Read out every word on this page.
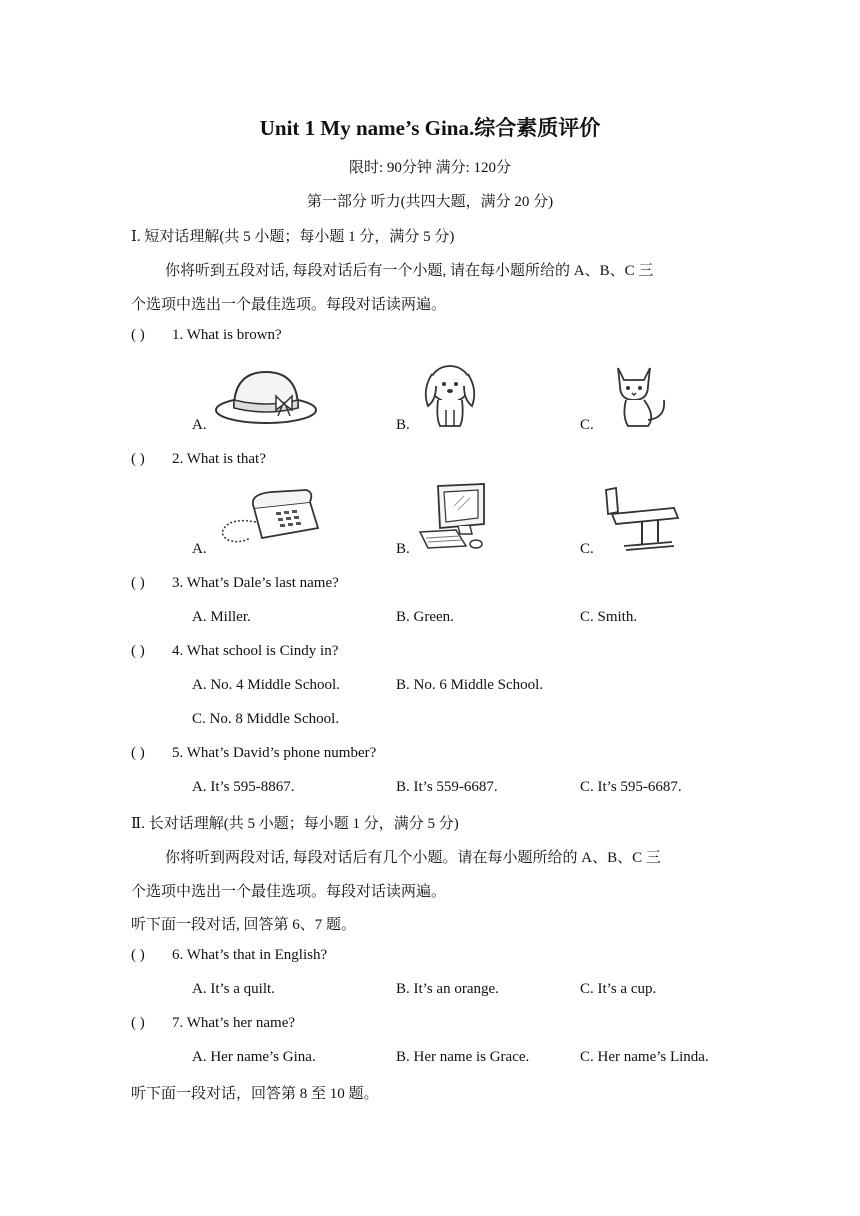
Unit 1 My name’s Gina.综合素质评价
限时: 90分钟 满分: 120分
第一部分 听力(共四大题，满分 20 分)
Ⅰ. 短对话理解(共 5 小题；每小题 1 分，满分 5 分)
你将听到五段对话, 每段对话后有一个小题, 请在每小题所给的 A、B、C 三
个选项中选出一个最佳选项。每段对话读两遍。
( ) 1. What is brown?
A.	B.	C.
( ) 2. What is that?
A.	B.	C.
( ) 3. What’s Dale’s last name?
A. Miller.	B. Green.	C. Smith.
( ) 4. What school is Cindy in?
A. No. 4 Middle School.	B. No. 6 Middle School.
C. No. 8 Middle School.
( ) 5. What’s David’s phone number?
A. It’s 595-8867.	B. It’s 559-6687.	C. It’s 595-6687.
Ⅱ. 长对话理解(共 5 小题；每小题 1 分，满分 5 分)
你将听到两段对话, 每段对话后有几个小题。请在每小题所给的 A、B、C 三
个选项中选出一个最佳选项。每段对话读两遍。
听下面一段对话, 回答第 6、7 题。
( ) 6. What’s that in English?
A. It’s a quilt.	B. It’s an orange.	C. It’s a cup.
( ) 7. What’s her name?
A. Her name’s Gina.	B. Her name is Grace.	C. Her name’s Linda.
听下面一段对话，回答第 8 至 10 题。
